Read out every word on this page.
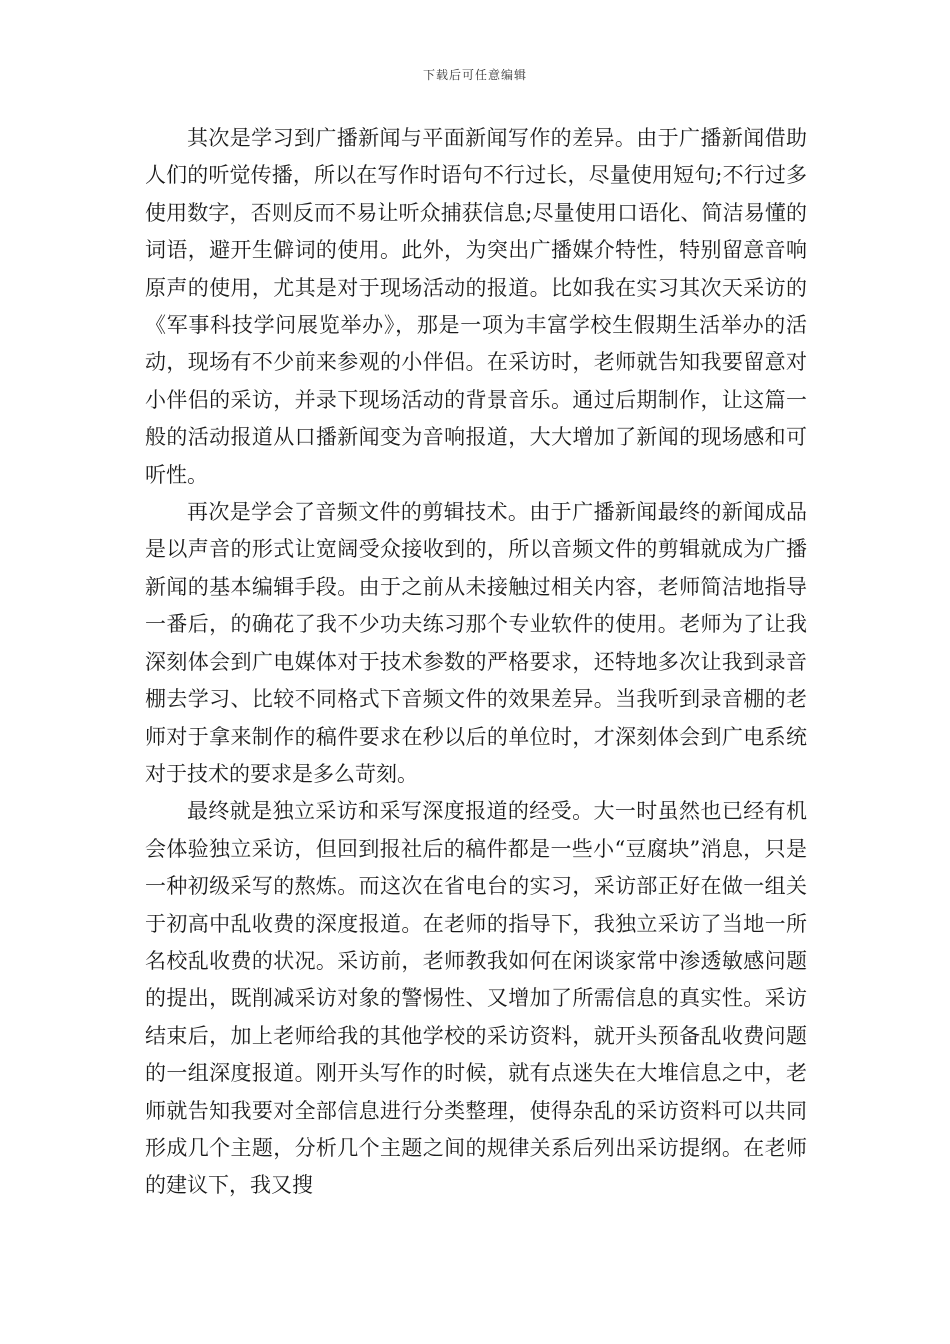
下载后可任意编辑

其次是学习到广播新闻与平面新闻写作的差异。由于广播新闻借助人们的听觉传播，所以在写作时语句不行过长，尽量使用短句;不行过多使用数字，否则反而不易让听众捕获信息;尽量使用口语化、简洁易懂的词语，避开生僻词的使用。此外，为突出广播媒介特性，特别留意音响原声的使用，尤其是对于现场活动的报道。比如我在实习其次天采访的《军事科技学问展览举办》，那是一项为丰富学校生假期生活举办的活动，现场有不少前来参观的小伴侣。在采访时，老师就告知我要留意对小伴侣的采访，并录下现场活动的背景音乐。通过后期制作，让这篇一般的活动报道从口播新闻变为音响报道，大大增加了新闻的现场感和可听性。

再次是学会了音频文件的剪辑技术。由于广播新闻最终的新闻成品是以声音的形式让宽阔受众接收到的，所以音频文件的剪辑就成为广播新闻的基本编辑手段。由于之前从未接触过相关内容，老师简洁地指导一番后，的确花了我不少功夫练习那个专业软件的使用。老师为了让我深刻体会到广电媒体对于技术参数的严格要求，还特地多次让我到录音棚去学习、比较不同格式下音频文件的效果差异。当我听到录音棚的老师对于拿来制作的稿件要求在秒以后的单位时，才深刻体会到广电系统对于技术的要求是多么苛刻。

最终就是独立采访和采写深度报道的经受。大一时虽然也已经有机会体验独立采访，但回到报社后的稿件都是一些小“豆腐块”消息，只是一种初级采写的熬炼。而这次在省电台的实习，采访部正好在做一组关于初高中乱收费的深度报道。在老师的指导下，我独立采访了当地一所名校乱收费的状况。采访前，老师教我如何在闲谈家常中渗透敏感问题的提出，既削减采访对象的警惕性、又增加了所需信息的真实性。采访结束后，加上老师给我的其他学校的采访资料，就开头预备乱收费问题的一组深度报道。刚开头写作的时候，就有点迷失在大堆信息之中，老师就告知我要对全部信息进行分类整理，使得杂乱的采访资料可以共同形成几个主题，分析几个主题之间的规律关系后列出采访提纲。在老师的建议下，我又搜
